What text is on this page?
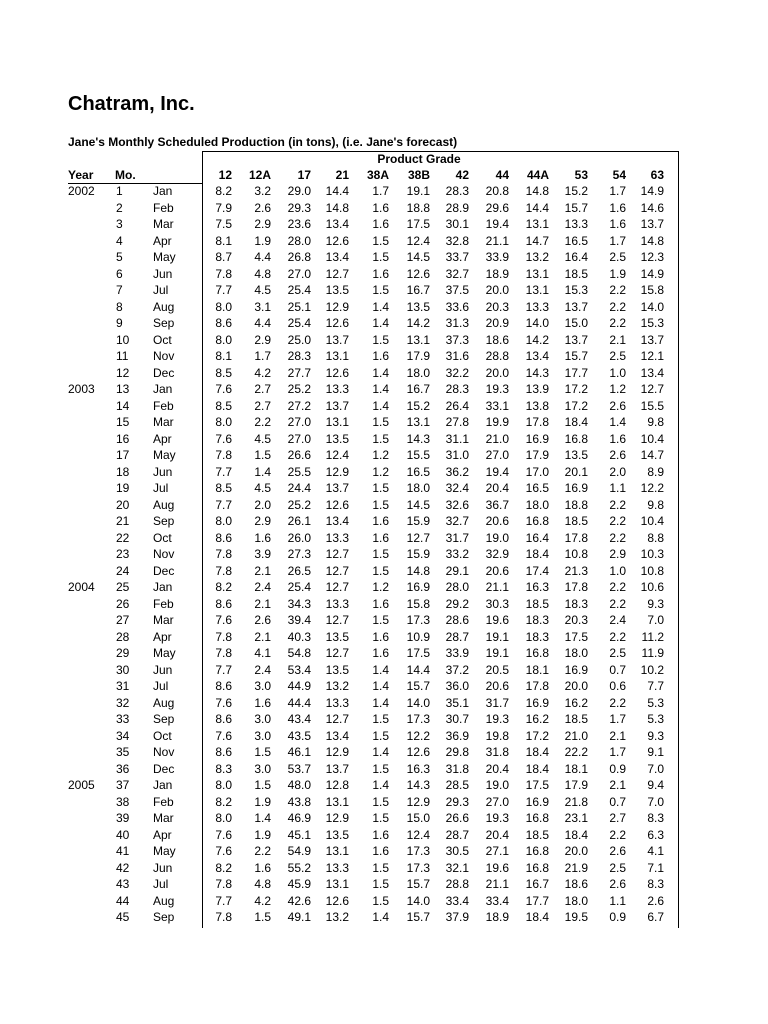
Chatram, Inc.
Jane's Monthly Scheduled Production (in tons), (i.e. Jane's forecast)
Product Grade
Year Mo.	12	12A	17	21	38A	38B	42	44	44A	53	54	63
2002 1	Jan	8.2	3.2	29.0	14.4	1.7	19.1	28.3	20.8	14.8	15.2	1.7	14.9
2	Feb	7.9	2.6	29.3	14.8	1.6	18.8	28.9	29.6	14.4	15.7	1.6	14.6
3	Mar	7.5	2.9	23.6	13.4	1.6	17.5	30.1	19.4	13.1	13.3	1.6	13.7
4	Apr	8.1	1.9	28.0	12.6	1.5	12.4	32.8	21.1	14.7	16.5	1.7	14.8
5	May	8.7	4.4	26.8	13.4	1.5	14.5	33.7	33.9	13.2	16.4	2.5	12.3
6	Jun	7.8	4.8	27.0	12.7	1.6	12.6	32.7	18.9	13.1	18.5	1.9	14.9
7	Jul	7.7	4.5	25.4	13.5	1.5	16.7	37.5	20.0	13.1	15.3	2.2	15.8
8	Aug	8.0	3.1	25.1	12.9	1.4	13.5	33.6	20.3	13.3	13.7	2.2	14.0
9	Sep	8.6	4.4	25.4	12.6	1.4	14.2	31.3	20.9	14.0	15.0	2.2	15.3
10 Oct	8.0	2.9	25.0	13.7	1.5	13.1	37.3	18.6	14.2	13.7	2.1	13.7
11 Nov	8.1	1.7	28.3	13.1	1.6	17.9	31.6	28.8	13.4	15.7	2.5	12.1
12 Dec	8.5	4.2	27.7	12.6	1.4	18.0	32.2	20.0	14.3	17.7	1.0	13.4
2003 13 Jan	7.6	2.7	25.2	13.3	1.4	16.7	28.3	19.3	13.9	17.2	1.2	12.7
14 Feb	8.5	2.7	27.2	13.7	1.4	15.2	26.4	33.1	13.8	17.2	2.6	15.5
15 Mar	8.0	2.2	27.0	13.1	1.5	13.1	27.8	19.9	17.8	18.4	1.4	9.8
16 Apr	7.6	4.5	27.0	13.5	1.5	14.3	31.1	21.0	16.9	16.8	1.6	10.4
17 May	7.8	1.5	26.6	12.4	1.2	15.5	31.0	27.0	17.9	13.5	2.6	14.7
18 Jun	7.7	1.4	25.5	12.9	1.2	16.5	36.2	19.4	17.0	20.1	2.0	8.9
19 Jul	8.5	4.5	24.4	13.7	1.5	18.0	32.4	20.4	16.5	16.9	1.1	12.2
20 Aug	7.7	2.0	25.2	12.6	1.5	14.5	32.6	36.7	18.0	18.8	2.2	9.8
21 Sep	8.0	2.9	26.1	13.4	1.6	15.9	32.7	20.6	16.8	18.5	2.2	10.4
22 Oct	8.6	1.6	26.0	13.3	1.6	12.7	31.7	19.0	16.4	17.8	2.2	8.8
23 Nov	7.8	3.9	27.3	12.7	1.5	15.9	33.2	32.9	18.4	10.8	2.9	10.3
24 Dec	7.8	2.1	26.5	12.7	1.5	14.8	29.1	20.6	17.4	21.3	1.0	10.8
2004 25 Jan	8.2	2.4	25.4	12.7	1.2	16.9	28.0	21.1	16.3	17.8	2.2	10.6
26 Feb	8.6	2.1	34.3	13.3	1.6	15.8	29.2	30.3	18.5	18.3	2.2	9.3
27 Mar	7.6	2.6	39.4	12.7	1.5	17.3	28.6	19.6	18.3	20.3	2.4	7.0
28 Apr	7.8	2.1	40.3	13.5	1.6	10.9	28.7	19.1	18.3	17.5	2.2	11.2
29 May	7.8	4.1	54.8	12.7	1.6	17.5	33.9	19.1	16.8	18.0	2.5	11.9
30 Jun	7.7	2.4	53.4	13.5	1.4	14.4	37.2	20.5	18.1	16.9	0.7	10.2
31 Jul	8.6	3.0	44.9	13.2	1.4	15.7	36.0	20.6	17.8	20.0	0.6	7.7
32 Aug	7.6	1.6	44.4	13.3	1.4	14.0	35.1	31.7	16.9	16.2	2.2	5.3
33 Sep	8.6	3.0	43.4	12.7	1.5	17.3	30.7	19.3	16.2	18.5	1.7	5.3
34 Oct	7.6	3.0	43.5	13.4	1.5	12.2	36.9	19.8	17.2	21.0	2.1	9.3
35 Nov	8.6	1.5	46.1	12.9	1.4	12.6	29.8	31.8	18.4	22.2	1.7	9.1
36 Dec	8.3	3.0	53.7	13.7	1.5	16.3	31.8	20.4	18.4	18.1	0.9	7.0
2005 37 Jan	8.0	1.5	48.0	12.8	1.4	14.3	28.5	19.0	17.5	17.9	2.1	9.4
38 Feb	8.2	1.9	43.8	13.1	1.5	12.9	29.3	27.0	16.9	21.8	0.7	7.0
39 Mar	8.0	1.4	46.9	12.9	1.5	15.0	26.6	19.3	16.8	23.1	2.7	8.3
40 Apr	7.6	1.9	45.1	13.5	1.6	12.4	28.7	20.4	18.5	18.4	2.2	6.3
41 May	7.6	2.2	54.9	13.1	1.6	17.3	30.5	27.1	16.8	20.0	2.6	4.1
42 Jun	8.2	1.6	55.2	13.3	1.5	17.3	32.1	19.6	16.8	21.9	2.5	7.1
43 Jul	7.8	4.8	45.9	13.1	1.5	15.7	28.8	21.1	16.7	18.6	2.6	8.3
44 Aug	7.7	4.2	42.6	12.6	1.5	14.0	33.4	33.4	17.7	18.0	1.1	2.6
45 Sep	7.8	1.5	49.1	13.2	1.4	15.7	37.9	18.9	18.4	19.5	0.9	6.7
